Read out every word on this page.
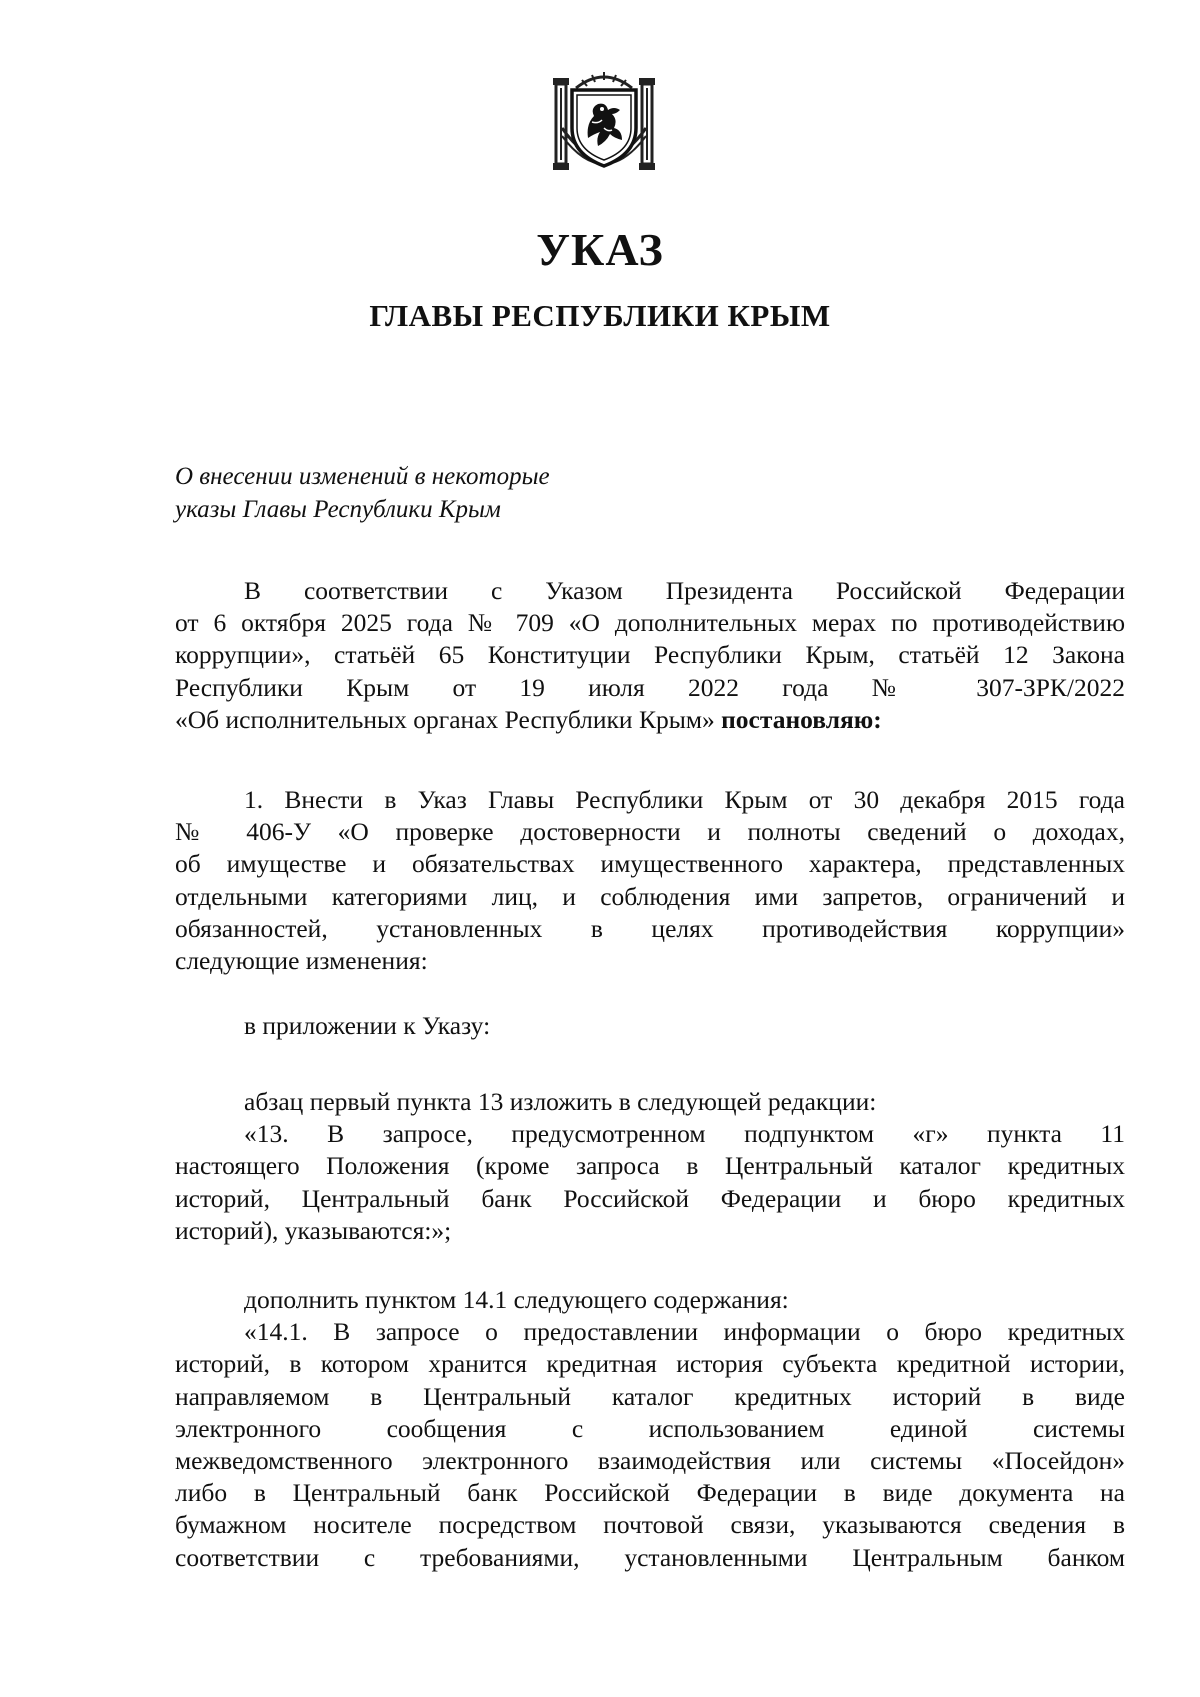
УКАЗ
ГЛАВЫ РЕСПУБЛИКИ КРЫМ
О внесении изменений в некоторые
указы Главы Республики Крым
В соответствии с Указом Президента Российской Федерации
от 6 октября 2025 года № 709 «О дополнительных мерах по противодействию
коррупции», статьёй 65 Конституции Республики Крым, статьёй 12 Закона
Республики Крым от 19 июля 2022 года № 307-ЗРК/2022
«Об исполнительных органах Республики Крым» постановляю:
1. Внести в Указ Главы Республики Крым от 30 декабря 2015 года
№ 406-У «О проверке достоверности и полноты сведений о доходах,
об имуществе и обязательствах имущественного характера, представленных
отдельными категориями лиц, и соблюдения ими запретов, ограничений и
обязанностей, установленных в целях противодействия коррупции»
следующие изменения:
в приложении к Указу:
абзац первый пункта 13 изложить в следующей редакции:
«13. В запросе, предусмотренном подпунктом «г» пункта 11
настоящего Положения (кроме запроса в Центральный каталог кредитных
историй, Центральный банк Российской Федерации и бюро кредитных
историй), указываются:»;
дополнить пунктом 14.1 следующего содержания:
«14.1. В запросе о предоставлении информации о бюро кредитных
историй, в котором хранится кредитная история субъекта кредитной истории,
направляемом в Центральный каталог кредитных историй в виде
электронного сообщения с использованием единой системы
межведомственного электронного взаимодействия или системы «Посейдон»
либо в Центральный банк Российской Федерации в виде документа на
бумажном носителе посредством почтовой связи, указываются сведения в
соответствии с требованиями, установленными Центральным банком
